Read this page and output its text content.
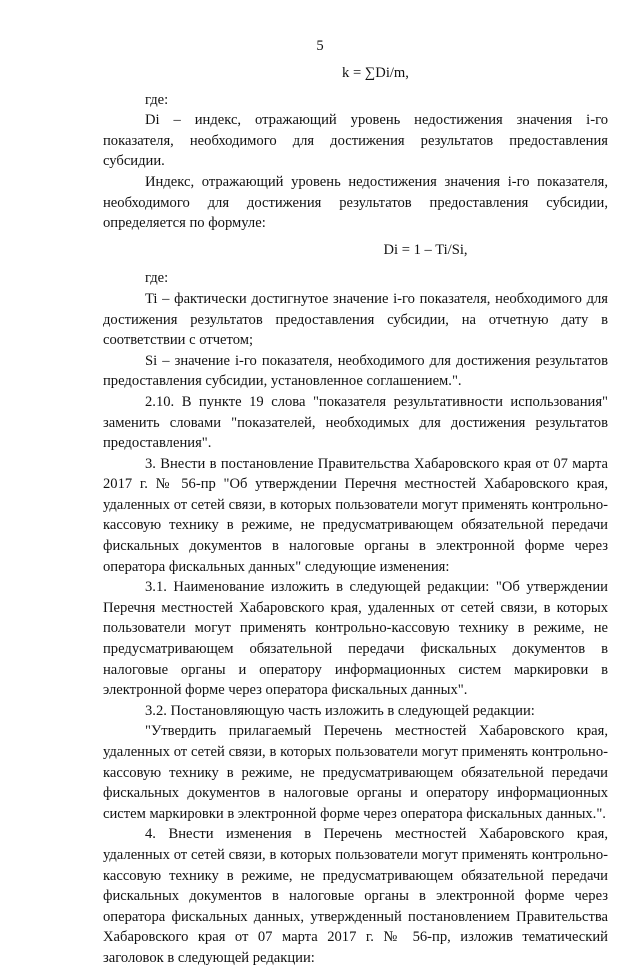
5

k = ∑Di/m,

где:

Di – индекс, отражающий уровень недостижения значения i-го показателя, необходимого для достижения результатов предоставления субсидии.

Индекс, отражающий уровень недостижения значения i-го показателя, необходимого для достижения результатов предоставления субсидии, определяется по формуле:

Di = 1 – Ti/Si,

где:

Ti – фактически достигнутое значение i-го показателя, необходимого для достижения результатов предоставления субсидии, на отчетную дату в соответствии с отчетом;

Si – значение i-го показателя, необходимого для достижения результатов предоставления субсидии, установленное соглашением.".

2.10. В пункте 19 слова "показателя результативности использования" заменить словами "показателей, необходимых для достижения результатов предоставления".

3. Внести в постановление Правительства Хабаровского края от 07 марта 2017 г. № 56-пр "Об утверждении Перечня местностей Хабаровского края, удаленных от сетей связи, в которых пользователи могут применять контрольно-кассовую технику в режиме, не предусматривающем обязательной передачи фискальных документов в налоговые органы в электронной форме через оператора фискальных данных" следующие изменения:

3.1. Наименование изложить в следующей редакции: "Об утверждении Перечня местностей Хабаровского края, удаленных от сетей связи, в которых пользователи могут применять контрольно-кассовую технику в режиме, не предусматривающем обязательной передачи фискальных документов в налоговые органы и оператору информационных систем маркировки в электронной форме через оператора фискальных данных".

3.2. Постановляющую часть изложить в следующей редакции:

"Утвердить прилагаемый Перечень местностей Хабаровского края, удаленных от сетей связи, в которых пользователи могут применять контрольно-кассовую технику в режиме, не предусматривающем обязательной передачи фискальных документов в налоговые органы и оператору информационных систем маркировки в электронной форме через оператора фискальных данных.".

4. Внести изменения в Перечень местностей Хабаровского края, удаленных от сетей связи, в которых пользователи могут применять контрольно-кассовую технику в режиме, не предусматривающем обязательной передачи фискальных документов в налоговые органы в электронной форме через оператора фискальных данных, утвержденный постановлением Правительства Хабаровского края от 07 марта 2017 г. № 56-пр, изложив тематический заголовок в следующей редакции:
